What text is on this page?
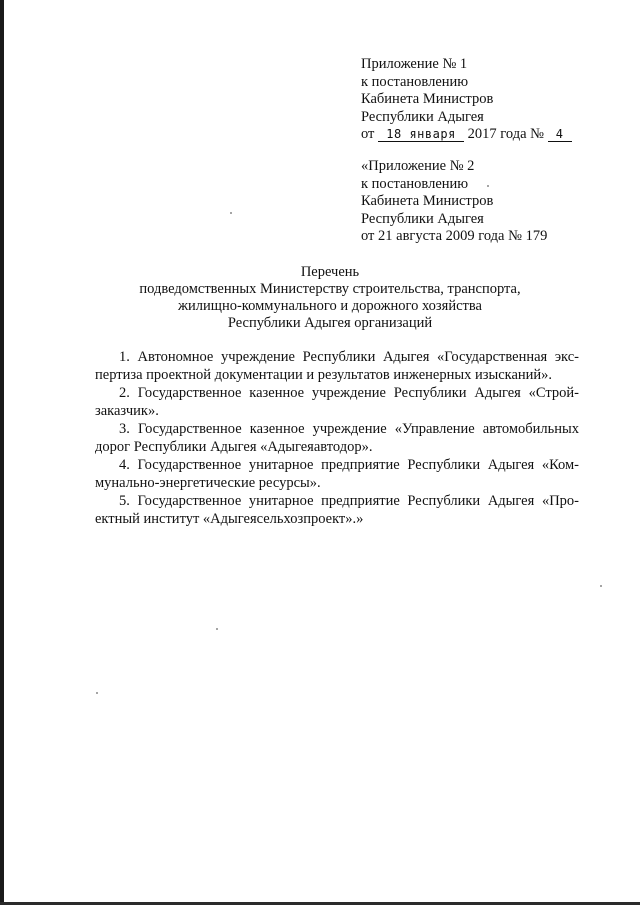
Приложение № 1
к постановлению
Кабинета Министров
Республики Адыгея
от 18 января 2017 года № 4
«Приложение № 2
к постановлению
Кабинета Министров
Республики Адыгея
от 21 августа 2009 года № 179
Перечень
подведомственных Министерству строительства, транспорта,
жилищно-коммунального и дорожного хозяйства
Республики Адыгея организаций
1. Автономное учреждение Республики Адыгея «Государственная экс-
пертиза проектной документации и результатов инженерных изысканий».
2. Государственное казенное учреждение Республики Адыгея «Строй-
заказчик».
3. Государственное казенное учреждение «Управление автомобильных
дорог Республики Адыгея «Адыгеяавтодор».
4. Государственное унитарное предприятие Республики Адыгея «Ком-
мунально-энергетические ресурсы».
5. Государственное унитарное предприятие Республики Адыгея «Про-
ектный институт «Адыгеясельхозпроект».»
